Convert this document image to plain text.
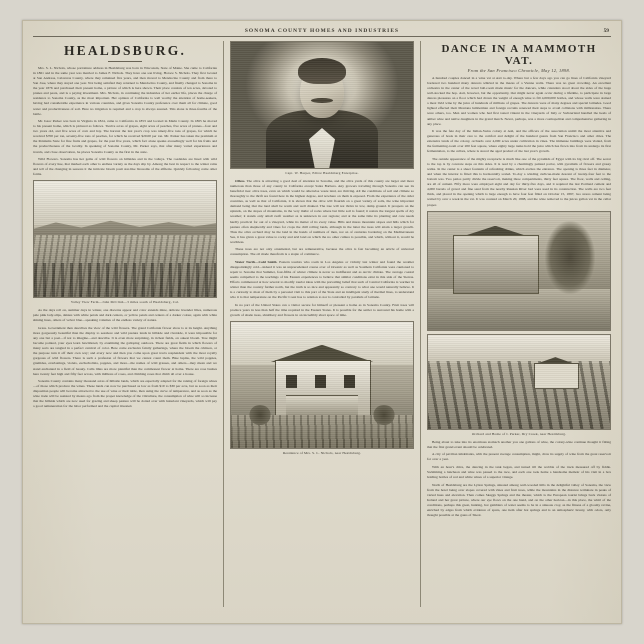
SONOMA COUNTY HOMES AND INDUSTRIES	59
HEALDSBURG.

Mrs. S. L. Nichols, whose portraiture address in Healdsburg was born in Wisconsin, State of Maine. She came to California in 1861 and in the same year was married to James F. Nichols. They have one son living, Horace S. Nichols. They first located at San Andreas, Calaveras County, where they remained five years, and then moved to Mendocino County and from there to San Jose, where they stayed one year. Not being satisfied they returned to Mendocino County, and finally changed to Sonoma in the year 1876 and purchased their present home, a picture of which is here shown. Their place consists of ten acres, devoted to prunes and pears, and is a paying investment. Mrs. Nichols, in continuing the industries of her earlier life, places the charge of residence to Sonoma County, as the most important. Her opinion of California is well worthy the attention of home-seekers, having had considerable experience in various countries, and gives Sonoma County preference over them all for climate, good water and productiveness of soil. Here no irrigation is required and a crop is always assured. This alone is three-fourths of the battle.

Mr. Isaac Parker was born in Virginia in 1824, came to California in 1853 and located in Marin County. In 1865 he moved to his present home, which is pictured as follows. Twelve acres of grapes, eight acres of peaches, five acres of prunes—four and two years old, and five acres of corn and hay. The harvest the last year's crop was ninety-five tons of grapes, for which he received $700 per ton, seventy-five tons of peaches, for which he received $20.00 per ton. Mr. Parker has taken the premium at the Petaluma State for fine fruits and grapes, for the past five years, which fact alone speaks exceedingly well for his fruits and the productiveness of the locality. In speaking of Sonoma County, Mr. Parker says, that after many varied experiences and travels, and close observation, he places Sonoma County as the first in the state.

Wild Flowers. Sonoma has her gems of wild flowers on hillsides and in the valleys. The roadsides are lined with wild flowers of every hue, that marked each other is endless variety as the days slip by. Among the best in respect to the winter rains and tell of the changing in seasons it the intricate bloom posit star-like blossoms of the alfilerie. Quickly following come other forms.

Valley View Farm—John McClish—3 miles south of Healdsburg, Cal.

As the days roll on, summer days in winter, one discerns appear and color extends mine, delicate lavender lilies, numerous pale pink lady-slips, daisies with white petals and dark centers, or yellow petals and centers of a darker colour, again with white shining hues, others of velvet blue—speaking volumes of the endless variety of nature.

Grass. Government then describes the view of the wild flowers. The grand California flower show is at its height. Anything more gorgeously beautiful than the display to seashore and wild pasture lands in hillside and riverside, it were impossible for any one but a poet—if not to imagine—and describe. It is even more surprising, in richest fields, on oakest bloom. Tree might become pointed, your eyes learn bewildered, by examining the galloping outdoors. There are great fields in which flowers of many sorts are tangled in a perfect carnival of color. Here come exclusive faintly gatherings, where the bloom the crimson, or the purpose turn it off their own way; and every now and then you come upon great tracts resplendent with the most royally gorgeous of wild flowers. There is such a profusion of flowers that we cannot count them. Blue lupins, the wild poppies, gramidea, everlastings, violets, eschscholtzia, poppies, and more—the names of wild grasses, and others—may mean and we stand enchanted in a field of beauty. Calla lilies are more plentiful than the commonest flower at home. There are rose bushes here twenty feet high and fifty feet across, with millions of roses, and climbing roses that climb all over a house.

Sonoma County contains many thousand acres of hillside lands, which are especially adapted for the raising of foreign wines—of those which produce the wines. These lands can now be purchased as low as from $10 to $30 per acre, but as soon as their disposition people will become attracted to the use of wine or their table, then using the curve of temperance, and as soon as the wine trade will be assisted by means ago from the proper knowledge of the viticulture, the consumption of wine will so increase that the hillside which are now used for grazing and sheep pasture will be dotted over with luxuriant vineyards, which will pay a good remuneration for the labor performed and the capital invested.

Capt. W. Harper, Editor Healdsburg Enterprise.

Olives. The olive is attracting a good deal of attention in Sonoma, and the olive yards of this county are larger and more numerous than those of any county in California except Santa Barbara. Any growers traveling through Sonoma can see its beneficial tree: olive trees, even on which would be otherwise waste land, are thriving. All the conditions of soil and climate so thoroughly to the thrift are found here in the highest degree, and nowhere on them is exposed. From the experience of the older countries, as well as that of California, it is shown that the olive will flourish on a great variety of soils, the wine important demand being that the land shall be warm and well drained. The tree will not thrive in low, damp ground. It prospers on the uplands, on the slopes of mountains, in the very midst of rocks where but little soil is found; it resists the longest spells of dry weather; it stands only small swift weather as is unknown in our regions; and at the same time its planting and care needs hardly practical for out of a vineyard, while its matter of its every value. Hills and mares mountain slopes and hills which for pasture often shepherdly and vines for crops the chill rolling lands, although in the latter the trees will attain a larger growth. Thus the olive orchard may be the land in the hands of numbers of men, not on of centuries bordering on the Mediterranean Sea, it has given a great value to rocky and arid land on which the no other culture is possible, and which, without it, would be worthless.

These trees are not only ornamental, but are remunerative, because the olive is fast becoming an article of universal consumption. The oil made therefrom is a staple of commerce.

Water North—Cold Smith. Eastern tourists who roam in Los Angeles or vicinity last winter and found the weather disappointingly cold—indeed it was an unprecedented course over of Oceanic as well as Southern California were cautioned to repair to Sonoma that Summer, four-fifths of winter climate is never so indifferent and as Arctic climate. The average coastal seems compelled to the teachings of his Eastern experiences to believe that similar conditions exist in this side of the Sierras. Efforts commenced at how several to modify tourist ideas with the prevailing belief that such of Central California is warmer in winter than the country further north, but the truth is so nice and apparently so contrary to what one would naturally believe. It is a curiosity to most of them by a personal visit to this part of the State and an intelligent study of thermal lines, to understand who it is that temperature on the Pacific Coast has to relation to nor is controlled by parallels of latitude.

In no part of the United States can a visitor secure for himself or pleasant a home as in Sonoma County. Fruit trees will produce years in less than half the time required in the Eastern States. It is possible for the settler to surround his home with a growth of shade trees, shrubbery and flowers in an incredibly short space of time.

Residence of Mrs. S. L. Nichols, near Healdsburg.
DANCE IN A MAMMOTH VAT.
From the San Francisco Chronicle, May 12, 1898.

A hundred couples danced in a wine vat at Asti to-day. Where but a few days ago you can go lines of California vineyard bordered two hundred many dancers whirled in the mazes of a Vienna waltz. There was no great crowding. An excellent orchestra in the center of the novel ball-room made music for the dancers, while calendars stood about the sides of the huge well-stocked the hop. Asti, however, but the opportunity, that might never again occur during a lifetime, to participate in large dances pleasures on a floor which had drawn the weight of enough wine to fill 4,000,000 bottles, and whose walls were stained a most livid wine by the juice of hundreds of millions of grapes. The dancers were of many degrees and special latitudes. Good lighted effected their Montana lumberman and foreign recruits renewed their steps to avoid collisions with millionaires. There were others, too. Men and women who had first tasted vintent in the vineyards of Italy or Switzerland handled the heels of amber wine and native daughters in the grand march. Never, perhaps, was a more cosmopolitan and comprehensive gathering in any place.

It was the fete day of the Italian-Swiss colony at Asti, and the officers of the association untild the most attentive and generous of hosts in their care to the comfort and delight of the hundred guests from San Francisco and other cities. The extensive lands of the colony, orchards over 4,000 acres under cultivation in vines. The immense buildings were visited, from the fermenting-room over 200 feet square, where eighty large tanks hold the juice which has flown into from its undergo its first fermentation, to the cellars, where is stored the aged product of the last year's growth.

The outside appearance of the mighty receptacle is much like one of the pyramids of Egypt with its big rival off. The secret to the top is by concrete steps on this sides. It is read by a charmingly painted parlor, with pyramids of flowers and grassy walks. In the center is a sheer fountain of refreshing drinks, which excites the entrance. The opening is three feet in diameter, and when the interior is fitted this is horizontally scaled. To-day a winding curlicue-made descent of twenty-four feet to the bottom was. Two patios partly divide the reservoir, making three compartments, thirty feet square. The floor, walls and ceiling, are all of cement. Fifty more were employed eight and day for thirty-five days, and it required the last Portland cement and 4,000 barrels of gravel and fine sand from the nearby Russian River bed were used in its construction. The walls are two feet thick, and placed in the opening which is large enough to have four feet filled on October 15, 1897, two stores cement being waited by over a week in the vat. It was counted on March 20, 1898, and the wine removed to the juices gallon vat in the cellar proper.

Orchard and Home of I. Parker, Dry Creek, near Healdsburg.

Being about to take into its enormous stomach another you one gallons of wine, the colony-wine continue thought it fitting that the first grand event should be celebrated.

A city of pavilion inhabitants, with the present average consumption, might, draw its supply of wine from the great reservoir for over a year.

With an hour's drive, the dancing in the tank began, and turned till the wobble of the track measured off by fiddle. Swimming a luncheon and wine was passed to the race, and each one took home a handsome memoir of his visit in a box holding bottles of red and white wines of a superior vintage.

North of Healdsburg are the Lytton Springs, situated among well-wooded hills in the delightful valley of Sonoma, the view from the hotel being over slopes covered with vines and fruit trees, while the mountains in the distance terminate in peaks of varied hues and elevation. Then comes Skaggs Springs and the theater, which is the European tourist brings back visions of Ireland and her great picture, where our eye flows on the one hand, and on the other horizon—in this place, the whirl of the conditions, perhaps this great, hunting, hot gamblers of water seems to be in a sinuous croy, as the fitness of a gloomy ravine, enriched by edges from which evidence of spurs, one item after hot springs and is an atmospheric luxury, with odors, only thought possible at the gates of Sheol.
